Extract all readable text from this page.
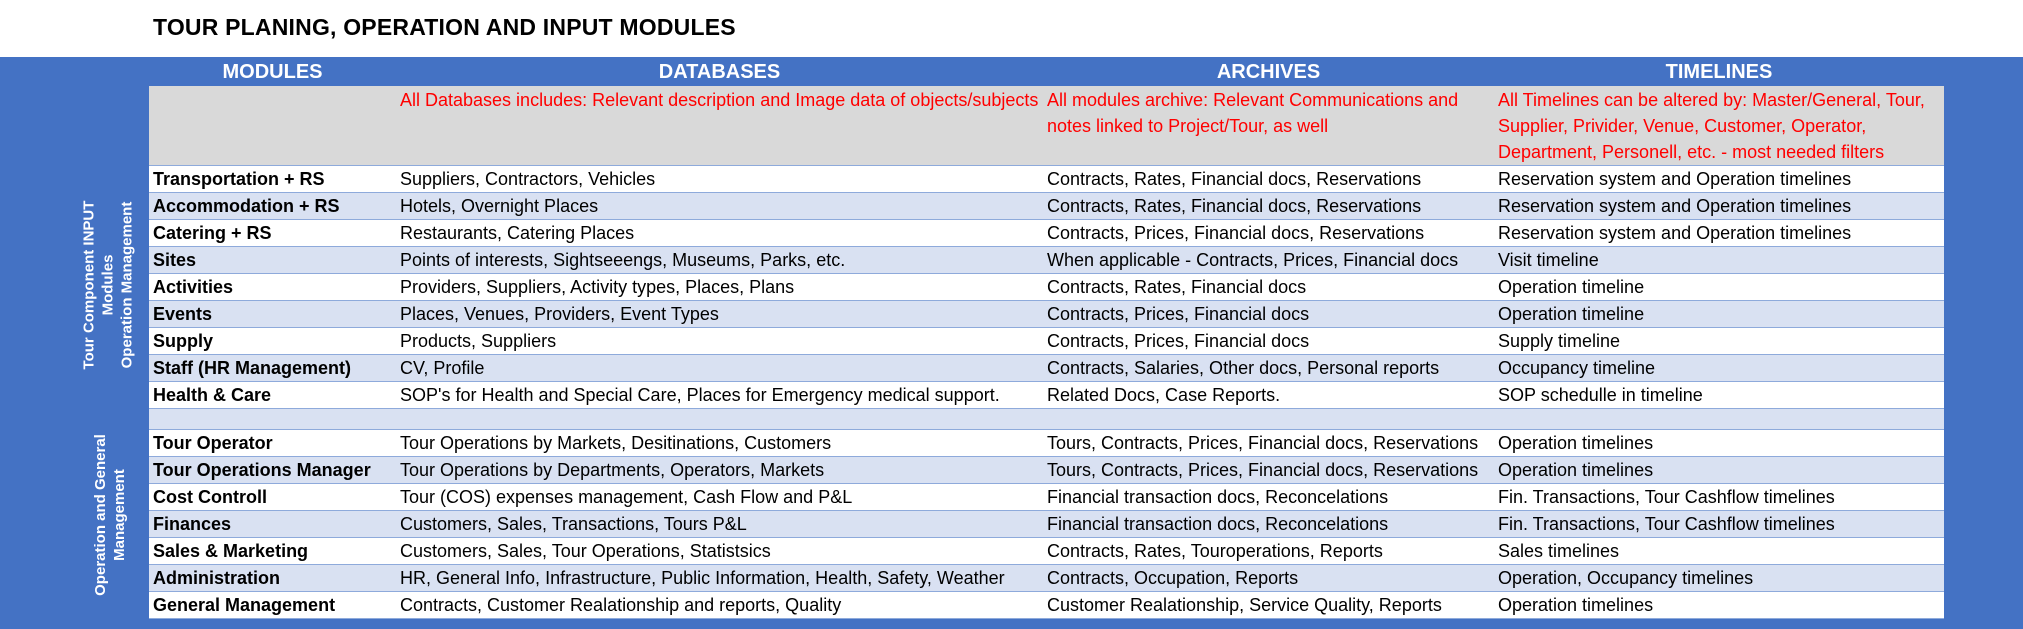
TOUR PLANING, OPERATION AND INPUT MODULES
Tour Component INPUT Modules Operation Management
Operation and General Management
MODULES	DATABASES	ARCHIVES	TIMELINES
	All Databases includes: Relevant description and Image data of objects/subjects	All modules archive: Relevant Communications and notes linked to Project/Tour, as well	All Timelines can be altered by: Master/General, Tour, Supplier, Privider, Venue, Customer, Operator, Department, Personell, etc. - most needed filters
Transportation + RS	Suppliers, Contractors, Vehicles	Contracts, Rates, Financial docs, Reservations	Reservation system and Operation timelines
Accommodation + RS	Hotels, Overnight Places	Contracts, Rates, Financial docs, Reservations	Reservation system and Operation timelines
Catering + RS	Restaurants, Catering Places	Contracts, Prices, Financial docs, Reservations	Reservation system and Operation timelines
Sites	Points of interests, Sightseeengs, Museums, Parks, etc.	When applicable - Contracts, Prices, Financial docs	Visit timeline
Activities	Providers, Suppliers, Activity types, Places, Plans	Contracts, Rates, Financial docs	Operation timeline
Events	Places, Venues, Providers, Event Types	Contracts, Prices, Financial docs	Operation timeline
Supply	Products, Suppliers	Contracts, Prices, Financial docs	Supply timeline
Staff (HR Management)	CV, Profile	Contracts, Salaries, Other docs, Personal reports	Occupancy timeline
Health & Care	SOP's for Health and Special Care, Places for Emergency medical support.	Related Docs, Case Reports.	SOP schedulle in timeline

Tour Operator	Tour Operations by Markets, Desitinations, Customers	Tours, Contracts, Prices, Financial docs, Reservations	Operation timelines
Tour Operations Manager	Tour Operations by Departments, Operators, Markets	Tours, Contracts, Prices, Financial docs, Reservations	Operation timelines
Cost Controll	Tour (COS) expenses management, Cash Flow and P&L	Financial transaction docs, Reconcelations	Fin. Transactions, Tour Cashflow timelines
Finances	Customers, Sales, Transactions, Tours P&L	Financial transaction docs, Reconcelations	Fin. Transactions, Tour Cashflow timelines
Sales & Marketing	Customers, Sales, Tour Operations, Statistsics	Contracts, Rates, Touroperations, Reports	Sales timelines
Administration	HR, General Info, Infrastructure, Public Information, Health, Safety, Weather	Contracts, Occupation, Reports	Operation, Occupancy timelines
General Management	Contracts, Customer Realationship and reports, Quality	Customer Realationship, Service Quality, Reports	Operation timelines
